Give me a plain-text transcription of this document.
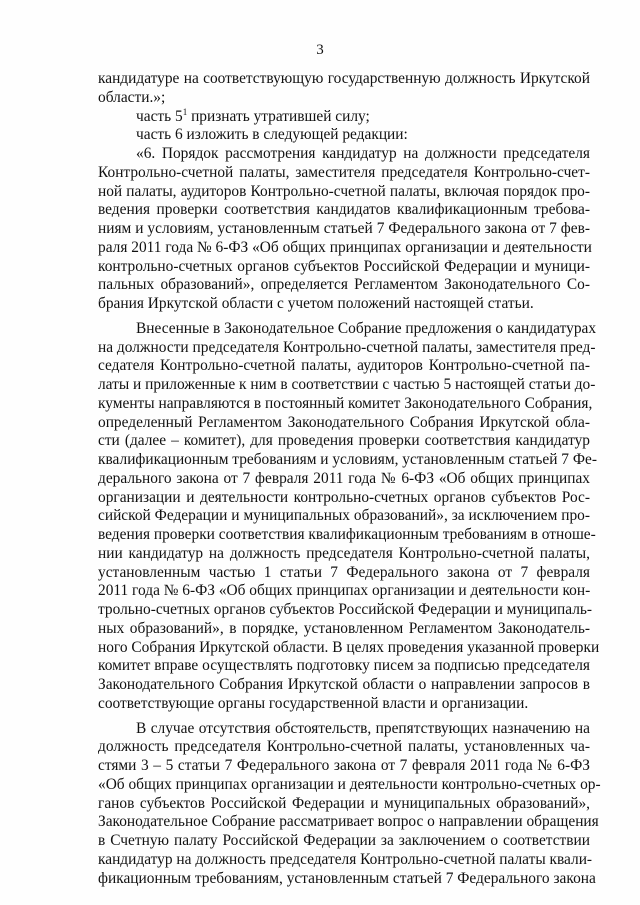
3
кандидатуре на соответствующую государственную должность Иркутской
области.»;
часть $5^1$ признать утратившей силу;
часть 6 изложить в следующей редакции:
«6. Порядок рассмотрения кандидатур на должности председателя
Контрольно-счетной палаты, заместителя председателя Контрольно-счет-
ной палаты, аудиторов Контрольно-счетной палаты, включая порядок про-
ведения проверки соответствия кандидатов квалификационным требова-
ниям и условиям, установленным статьей 7 Федерального закона от 7 фев-
раля 2011 года № 6-ФЗ «Об общих принципах организации и деятельности
контрольно-счетных органов субъектов Российской Федерации и муници-
пальных образований», определяется Регламентом Законодательного Со-
брания Иркутской области с учетом положений настоящей статьи.
Внесенные в Законодательное Собрание предложения о кандидатурах
на должности председателя Контрольно-счетной палаты, заместителя пред-
седателя Контрольно-счетной палаты, аудиторов Контрольно-счетной па-
латы и приложенные к ним в соответствии с частью 5 настоящей статьи до-
кументы направляются в постоянный комитет Законодательного Собрания,
определенный Регламентом Законодательного Собрания Иркутской обла-
сти (далее – комитет), для проведения проверки соответствия кандидатур
квалификационным требованиям и условиям, установленным статьей 7 Фе-
дерального закона от 7 февраля 2011 года № 6-ФЗ «Об общих принципах
организации и деятельности контрольно-счетных органов субъектов Рос-
сийской Федерации и муниципальных образований», за исключением про-
ведения проверки соответствия квалификационным требованиям в отноше-
нии кандидатур на должность председателя Контрольно-счетной палаты,
установленным частью 1 статьи 7 Федерального закона от 7 февраля
2011 года № 6-ФЗ «Об общих принципах организации и деятельности кон-
трольно-счетных органов субъектов Российской Федерации и муниципаль-
ных образований», в порядке, установленном Регламентом Законодатель-
ного Собрания Иркутской области. В целях проведения указанной проверки
комитет вправе осуществлять подготовку писем за подписью председателя
Законодательного Собрания Иркутской области о направлении запросов в
соответствующие органы государственной власти и организации.
В случае отсутствия обстоятельств, препятствующих назначению на
должность председателя Контрольно-счетной палаты, установленных ча-
стями 3 – 5 статьи 7 Федерального закона от 7 февраля 2011 года № 6-ФЗ
«Об общих принципах организации и деятельности контрольно-счетных ор-
ганов субъектов Российской Федерации и муниципальных образований»,
Законодательное Собрание рассматривает вопрос о направлении обращения
в Счетную палату Российской Федерации за заключением о соответствии
кандидатур на должность председателя Контрольно-счетной палаты квали-
фикационным требованиям, установленным статьей 7 Федерального закона
